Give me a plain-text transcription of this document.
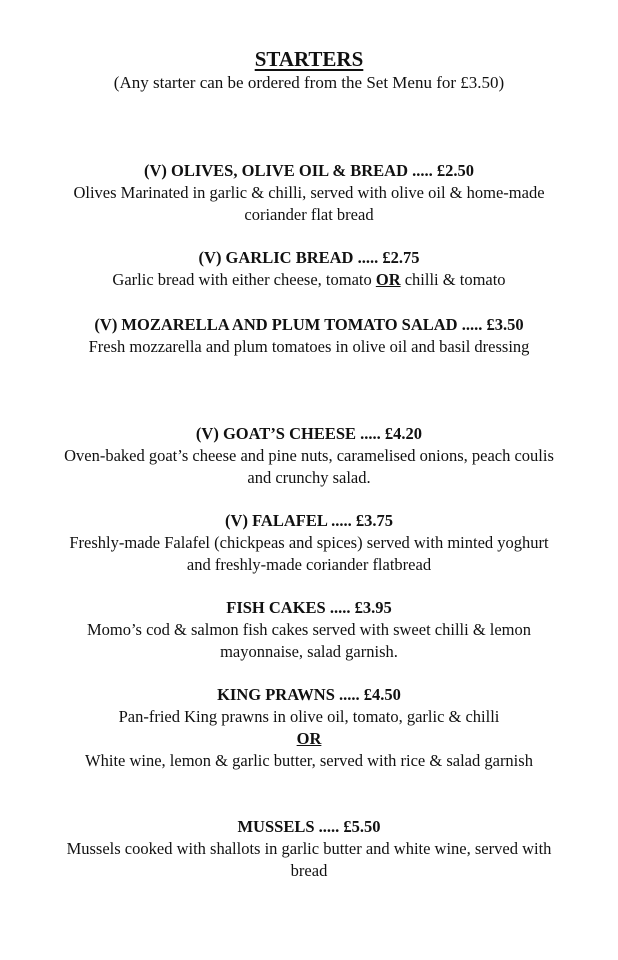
STARTERS
(Any starter can be ordered from the Set Menu for £3.50)
(V) OLIVES, OLIVE OIL & BREAD ..... £2.50
Olives Marinated in garlic & chilli, served with olive oil & home-made coriander flat bread
(V) GARLIC BREAD ..... £2.75
Garlic bread with either cheese, tomato OR chilli & tomato
(V) MOZARELLA AND PLUM TOMATO SALAD ..... £3.50
Fresh mozzarella and plum tomatoes in olive oil and basil dressing
(V) GOAT’S CHEESE ..... £4.20
Oven-baked goat’s cheese and pine nuts, caramelised onions, peach coulis and crunchy salad.
(V) FALAFEL ..... £3.75
Freshly-made Falafel (chickpeas and spices) served with minted yoghurt and freshly-made coriander flatbread
FISH CAKES ..... £3.95
Momo’s cod & salmon fish cakes served with sweet chilli & lemon mayonnaise, salad garnish.
KING PRAWNS ..... £4.50
Pan-fried King prawns in olive oil, tomato, garlic & chilli
OR
White wine, lemon & garlic butter, served with rice & salad garnish
MUSSELS ..... £5.50
Mussels cooked with shallots in garlic butter and white wine, served with bread
